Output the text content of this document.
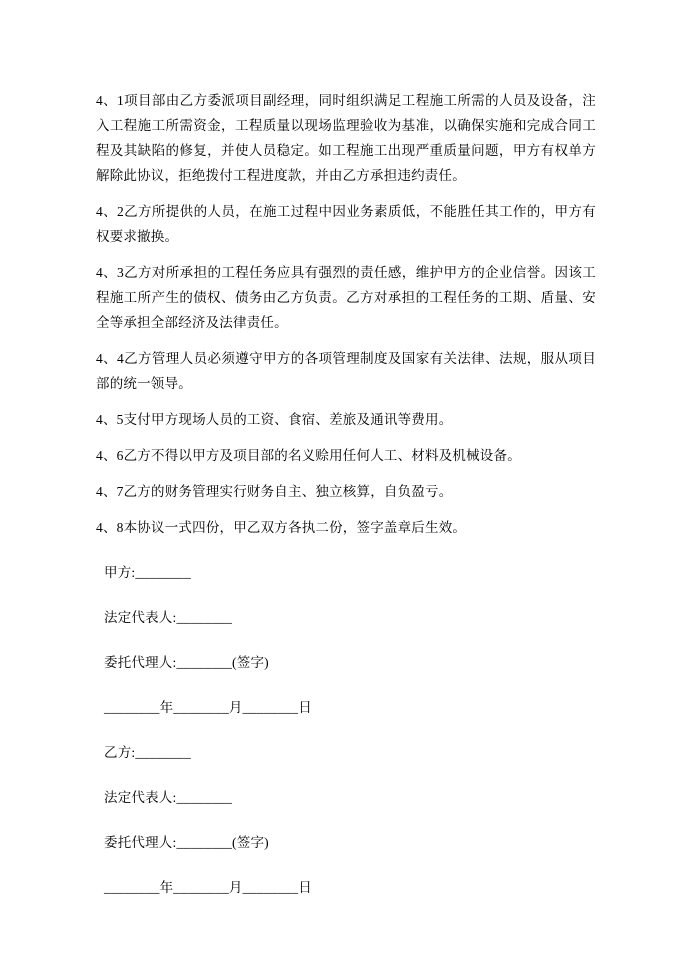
4、1项目部由乙方委派项目副经理，同时组织满足工程施工所需的人员及设备，注入工程施工所需资金，工程质量以现场监理验收为基准，以确保实施和完成合同工程及其缺陷的修复，并使人员稳定。如工程施工出现严重质量问题，甲方有权单方解除此协议，拒绝拨付工程进度款，并由乙方承担违约责任。

4、2乙方所提供的人员，在施工过程中因业务素质低，不能胜任其工作的，甲方有权要求撤换。

4、3乙方对所承担的工程任务应具有强烈的责任感，维护甲方的企业信誉。因该工程施工所产生的债权、债务由乙方负责。乙方对承担的工程任务的工期、盾量、安全等承担全部经济及法律责任。

4、4乙方管理人员必须遵守甲方的各项管理制度及国家有关法律、法规，服从项目部的统一领导。

4、5支付甲方现场人员的工资、食宿、差旅及通讯等费用。

4、6乙方不得以甲方及项目部的名义赊用任何人工、材料及机械设备。

4、7乙方的财务管理实行财务自主、独立核算，自负盈亏。

4、8本协议一式四份，甲乙双方各执二份，签字盖章后生效。

甲方:________

法定代表人:________

委托代理人:________(签字)

________年________月________日

乙方:________

法定代表人:________

委托代理人:________(签字)

________年________月________日
